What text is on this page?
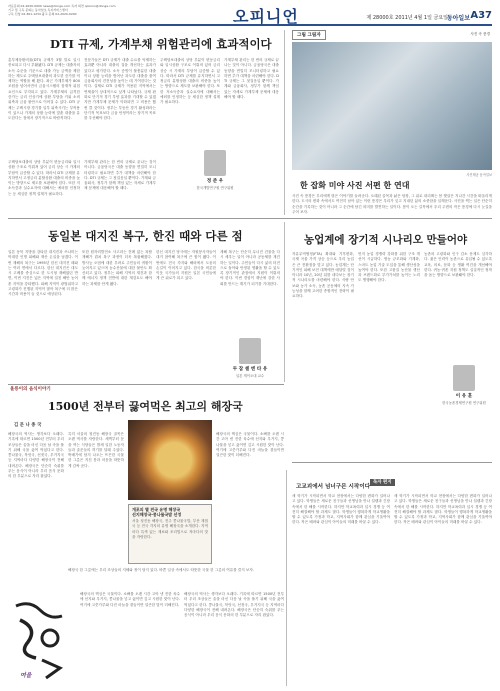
자료문의 02-2020-0000 news@donga.com 독자 의견 opinion@donga.com
기고 및 구독 문의는 동아일보 독자서비스센터
구독 신청 02-361-1234 광고 문의 02-2020-0200	오피니언	제 28000호 2011년 4월 1일 금요일
동아일보 A37
DTI 규제, 가계부채 위험관리에 효과적이다
총부채상환비율(DTI) 규제가 3월 말로 일시 종료되고 다시 부활됐다. DTI 규제는 대출자의 소득 수준을 기준으로 대출 가능 금액을 제한하는 제도로 주택담보대출의 과도한 증가를 억제하는 역할을 해 왔다. 최근 가계부채가 800조원을 넘어서면서 금융시스템의 잠재적 위험 요인으로 부각되고 있다. 가계부채의 급격한 증가는 금리 인상기에 상환 부담을 키워 소비 위축과 금융 불안으로 이어질 수 있다. DTI 규제는 주택시장 경기를 일부 위축시키는 부작용이 있으나 가계의 상환 능력에 맞춘 대출을 유도한다는 점에서 장기적으로 바람직하다.
전문가들은 DTI 규제가 대출 수요를 억제하는 효과뿐 아니라 대출의 질을 개선하는 효과가 있다고 평가한다. 소득 증빙이 불충분한 대출이나 상환 능력을 벗어난 과도한 대출을 줄여 금융회사의 건전성을 높이는 데 기여한다는 것이다. 실제로 DTI 규제가 적용된 지역에서는 연체율이 상대적으로 낮게 나타났다. 규제 완화로 단기적 경기 부양 효과를 기대할 수 있겠지만 가계부채 문제가 악화되면 그 비용은 훨씬 클 것이다. 정부는 부동산 경기 활성화라는 단기적 목표보다 금융 안정이라는 장기적 목표를 우선해야 한다.
주택담보대출의 상당 부분이 변동금리와 일시상환 구조로 이뤄져 있어 금리 상승 시 가계의 부담이 급증할 수 있다. 따라서 DTI 규제를 유지하면서 고정금리 분할상환 대출의 비중을 높이는 방향으로 제도를 보완해야 한다. 또한 저소득층과 실수요자에 대해서는 예외를 인정하는 등 세심한 정책 설계가 필요하다.
가계부채 관리는 한 번의 규제로 끝나는 것이 아니다. 금융당국은 대출 동향을 면밀히 모니터링하고 필요하면 추가 대책을 마련해야 한다. DTI 규제는 그 첫걸음일 뿐이다. 가계와 금융회사, 정부가 함께 책임 있는 자세로 가계부채 문제에 대응해야 할 때다.
정 준 우
한국개발연구원 연구위원
주택담보대출의 상당 부분이 변동금리와 일시상환 구조로 이뤄져 있어 금리 상승 시 가계의 부담이 급증할 수 있다. 따라서 DTI 규제를 유지하면서 고정금리 분할상환 대출의 비중을 높이는 방향으로 제도를 보완해야 한다. 또한 저소득층과 실수요자에 대해서는 예외를 인정하는 등 세심한 정책 설계가 필요하다.
가계부채 관리는 한 번의 규제로 끝나는 것이 아니다. 금융당국은 대출 동향을 면밀히 모니터링하고 필요하면 추가 대책을 마련해야 한다. DTI 규제는 그 첫걸음일 뿐이다. 가계와 금융회사, 정부가 함께 책임 있는 자세로 가계부채 문제에 대응해야 할 때다.
그림 그림자	사진 속 풍경
사진제공 동아일보
한 잡화 미야 사진 서편 한 연대
사진 속 풍경은 우리에게 많은 이야기를 들려준다. 오래된 골목과 낡은 담장, 그 위로 내리쬐는 봄 햇살은 지나간 시간을 떠올리게 한다. 도시의 변화 속에서도 여전히 남아 있는 이런 풍경은 우리가 잊고 지내던 삶의 소중함을 일깨운다. 사진을 찍는 일은 단순히 순간을 기록하는 것이 아니라 그 순간에 담긴 의미를 발견하는 일이다. 봄이 오는 길목에서 우리 주변의 작은 풍경에 다시 눈길을 주어 보자.
동일본 대지진 복구, 한진 때와 다른 점
일본 동북 지방을 강타한 대지진과 쓰나미는 막대한 인명 피해와 재산 손실을 남겼다. 이번 재해의 복구는 1995년 한신 대지진 때와는 여러 면에서 다르다. 한신 대지진은 대도시 고베를 중심으로 한 도시형 재해였던 반면, 이번 지진은 넓은 지역에 걸친 해안 농어촌 지역을 강타했다. 피해 지역이 광범위하고 고령화가 진행된 지역이 많아 복구에 더 많은 시간과 비용이 들 것으로 예상된다.
또한 원자력발전소 사고라는 전례 없는 복합 재해가 겹쳐 복구 과정이 더욱 복잡해졌다. 방사능 오염에 대한 우려로 주민들의 귀환이 늦어지고 있으며 농수산물에 대한 불안도 확산되고 있다. 정부는 피해 지역의 재건과 함께 에너지 정책 전반에 대한 재검토도 해야 하는 과제를 안게 됐다.
한신 대지진 당시에는 자원봉사자들이 대거 참여해 복구에 큰 힘이 됐다. 이번에도 전국 각지와 해외에서 도움의 손길이 이어지고 있다. 한국을 비롯한 이웃 국가들의 지원은 일본 국민들에게 큰 위로가 되고 있다.
재해 복구는 단순히 무너진 건물을 다시 세우는 일이 아니라 공동체를 재건하는 일이다. 주민들이 다시 삶의 터전으로 돌아와 안정된 생활을 할 수 있도록 장기적인 관점에서 지원이 이뤄져야 한다. 이번 경험이 재난에 강한 사회를 만드는 계기가 되기를 기대한다.
두 잡 셀 엔 타 유
일본 게이오대 교수
농업계에 장기적 시나리오 만들어야
자유무역협정(FTA) 확대와 기후변화, 국제 곡물 가격 상승 등으로 우리 농업은 큰 전환점을 맞고 있다. 농업계는 단기적인 피해 보전 대책에만 매달릴 것이 아니라 10년, 20년 뒤를 내다보는 장기적 시나리오를 마련해야 한다. 식량 안보와 농가 소득, 농촌 공동체의 지속 가능성을 함께 고려한 종합적인 전략이 필요하다.
먼저 농업 경쟁력 강화를 위한 구조 개선이 시급하다. 영농 규모화와 기계화, 스마트 농업 기술 도입을 통해 생산성을 높여야 한다. 또한 고품질 농산물 생산과 브랜드화로 부가가치를 높이는 노력도 병행해야 한다.
농촌의 고령화와 인구 감소 문제도 심각하다. 젊은 인력이 농촌으로 유입될 수 있도록 교육, 의료, 문화 등 생활 여건을 개선해야 한다. 귀농·귀촌 지원 정책도 실질적인 정착을 돕는 방향으로 보완돼야 한다.
이 유 훈
한국농촌경제연구원 연구위원
울릉이의 음식이야기
1500년 전부터 끓여먹은 최고의 해장국
김 문 나 종 국
해장국의 역사는 생각보다 오래다. 기록에 따르면 1500년 전부터 우리 조상들은 술을 마신 다음 날 속을 풀기 위해 국을 끓여 먹었다고 한다. 콩나물국, 북엇국, 선짓국, 우거지국 등 지역마다 다양한 해장국이 전해 내려온다. 해장국은 단순히 숙취를 푸는 음식이 아니라 우리 음식 문화의 한 부분으로 자리 잡았다.
특히 서울의 청진동 해장국 골목은 오랜 역사를 자랑한다. 새벽부터 문을 여는 식당들은 밤새 일한 노동자들과 술꾼들의 허기를 달래 주었다. 뚝배기에 담겨 나오는 뜨끈한 국물 한 그릇은 지친 몸과 마음을 따뜻하게 감싸 준다.
개포의 별 전국 유명 해장국
선지해장국·콩나물국밥 선정
서울 청진동 해장국, 전주 콩나물국밥, 부산 재첩국 등 전국 각지의 유명 해장국을 소개한다. 지역마다 특색 있는 재료와 조리법으로 저마다의 맛을 자랑한다.
해장국의 핵심은 국물이다. 소뼈를 오랜 시간 고아 낸 진한 육수에 선지와 우거지, 콩나물을 넣고 끓이면 깊고 시원한 맛이 난다. 여기에 고춧가루와 다진 마늘을 곁들이면 얼큰한 맛이 더해진다.
해장국 한 그릇에는 우리 조상들의 지혜와 정이 담겨 있다. 바쁜 일상 속에서도 따뜻한 국물 한 그릇의 여유를 즐겨 보자.
여울
해장국의 핵심은 국물이다. 소뼈를 오랜 시간 고아 낸 진한 육수에 선지와 우거지, 콩나물을 넣고 끓이면 깊고 시원한 맛이 난다. 여기에 고춧가루와 다진 마늘을 곁들이면 얼큰한 맛이 더해진다.
해장국의 역사는 생각보다 오래다. 기록에 따르면 1500년 전부터 우리 조상들은 술을 마신 다음 날 속을 풀기 위해 국을 끓여 먹었다고 한다. 콩나물국, 북엇국, 선짓국, 우거지국 등 지역마다 다양한 해장국이 전해 내려온다. 해장국은 단순히 숙취를 푸는 음식이 아니라 우리 음식 문화의 한 부분으로 자리 잡았다.
독자 편지
고교괴에서 넘너구믄 시작이다
새 학기가 시작되면서 학교 현장에서는 다양한 변화가 일어나고 있다. 학생들은 새로운 친구들과 선생님을 만나 설렘과 긴장 속에서 한 해를 시작한다. 하지만 학교폭력과 입시 경쟁 등 여전히 해결해야 할 과제도 많다. 학생들이 행복하게 학교생활을 할 수 있도록 가정과 학교, 지역사회가 함께 관심을 기울여야 한다. 작은 배려와 관심이 아이들의 미래를 바꿀 수 있다.
새 학기가 시작되면서 학교 현장에서는 다양한 변화가 일어나고 있다. 학생들은 새로운 친구들과 선생님을 만나 설렘과 긴장 속에서 한 해를 시작한다. 하지만 학교폭력과 입시 경쟁 등 여전히 해결해야 할 과제도 많다. 학생들이 행복하게 학교생활을 할 수 있도록 가정과 학교, 지역사회가 함께 관심을 기울여야 한다. 작은 배려와 관심이 아이들의 미래를 바꿀 수 있다.
